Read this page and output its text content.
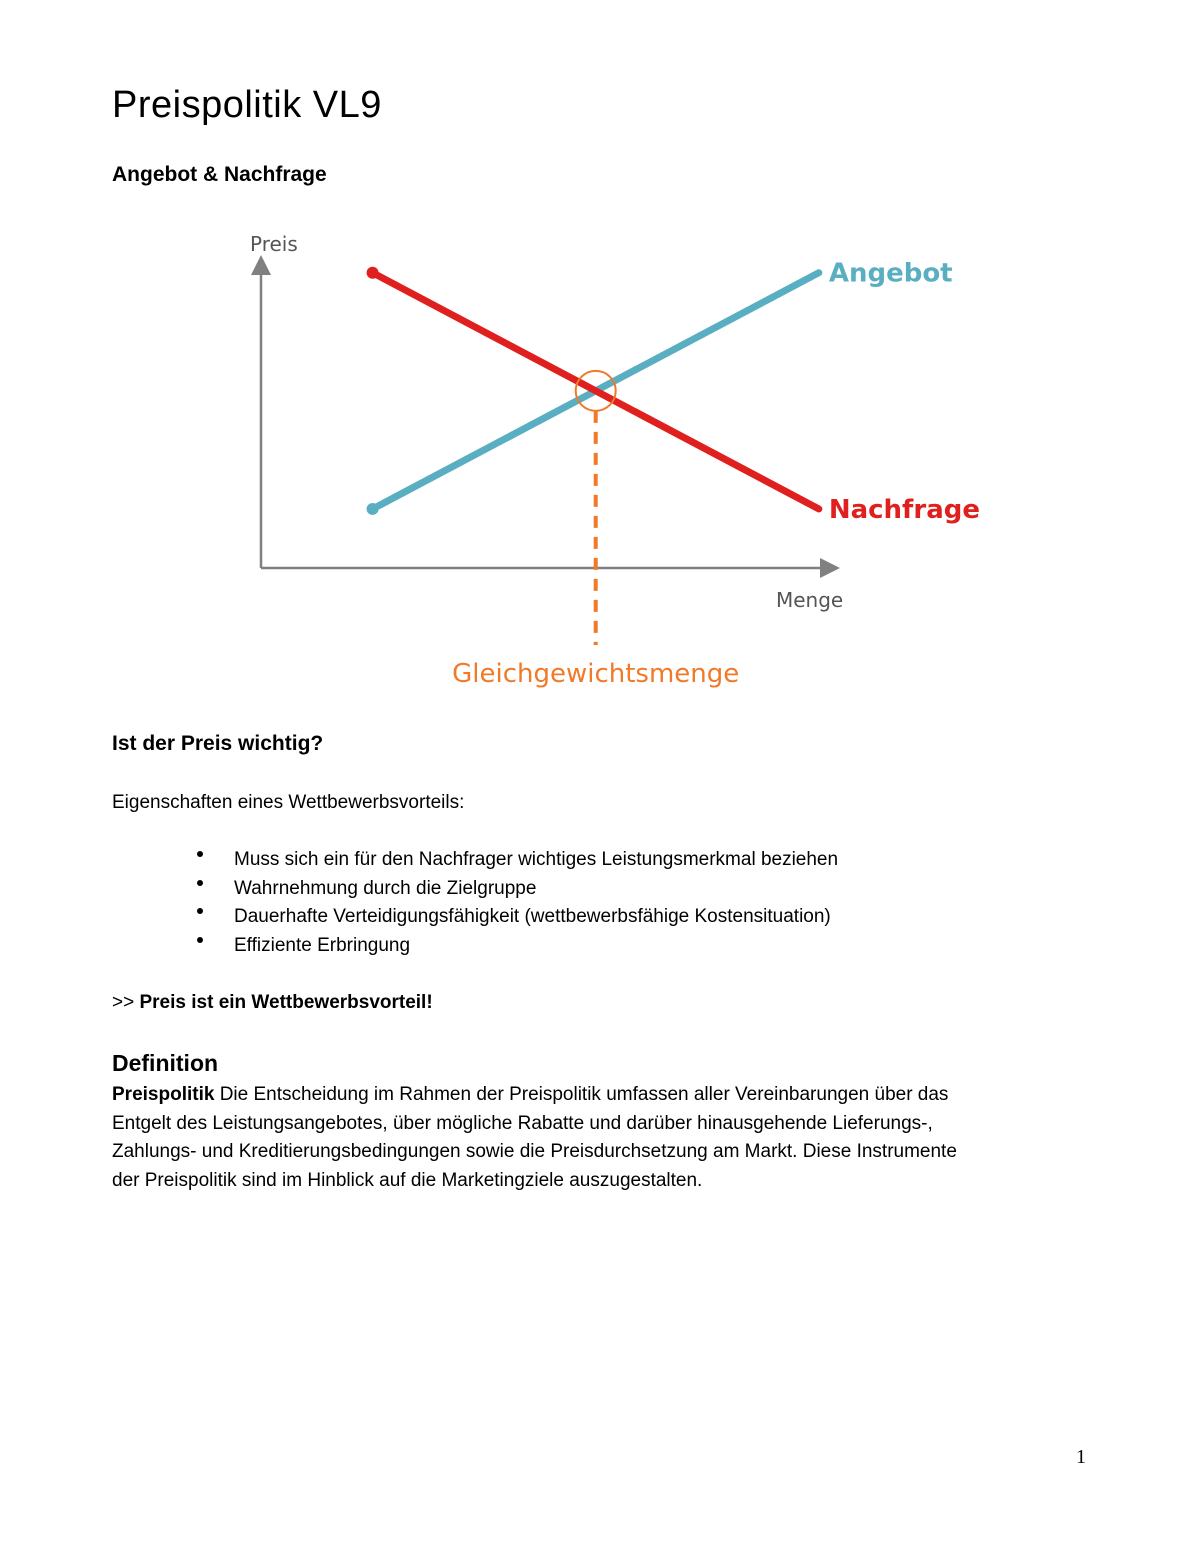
Preispolitik VL9
Angebot & Nachfrage
Preis
Menge
Angebot
Nachfrage
Gleichgewichtsmenge
Ist der Preis wichtig?
Eigenschaften eines Wettbewerbsvorteils:
Muss sich ein für den Nachfrager wichtiges Leistungsmerkmal beziehen
Wahrnehmung durch die Zielgruppe
Dauerhafte Verteidigungsfähigkeit (wettbewerbsfähige Kostensituation)
Effiziente Erbringung
>> Preis ist ein Wettbewerbsvorteil!
Definition
Preispolitik Die Entscheidung im Rahmen der Preispolitik umfassen aller Vereinbarungen über das
Entgelt des Leistungsangebotes, über mögliche Rabatte und darüber hinausgehende Lieferungs-,
Zahlungs- und Kreditierungsbedingungen sowie die Preisdurchsetzung am Markt. Diese Instrumente
der Preispolitik sind im Hinblick auf die Marketingziele auszugestalten.
1
